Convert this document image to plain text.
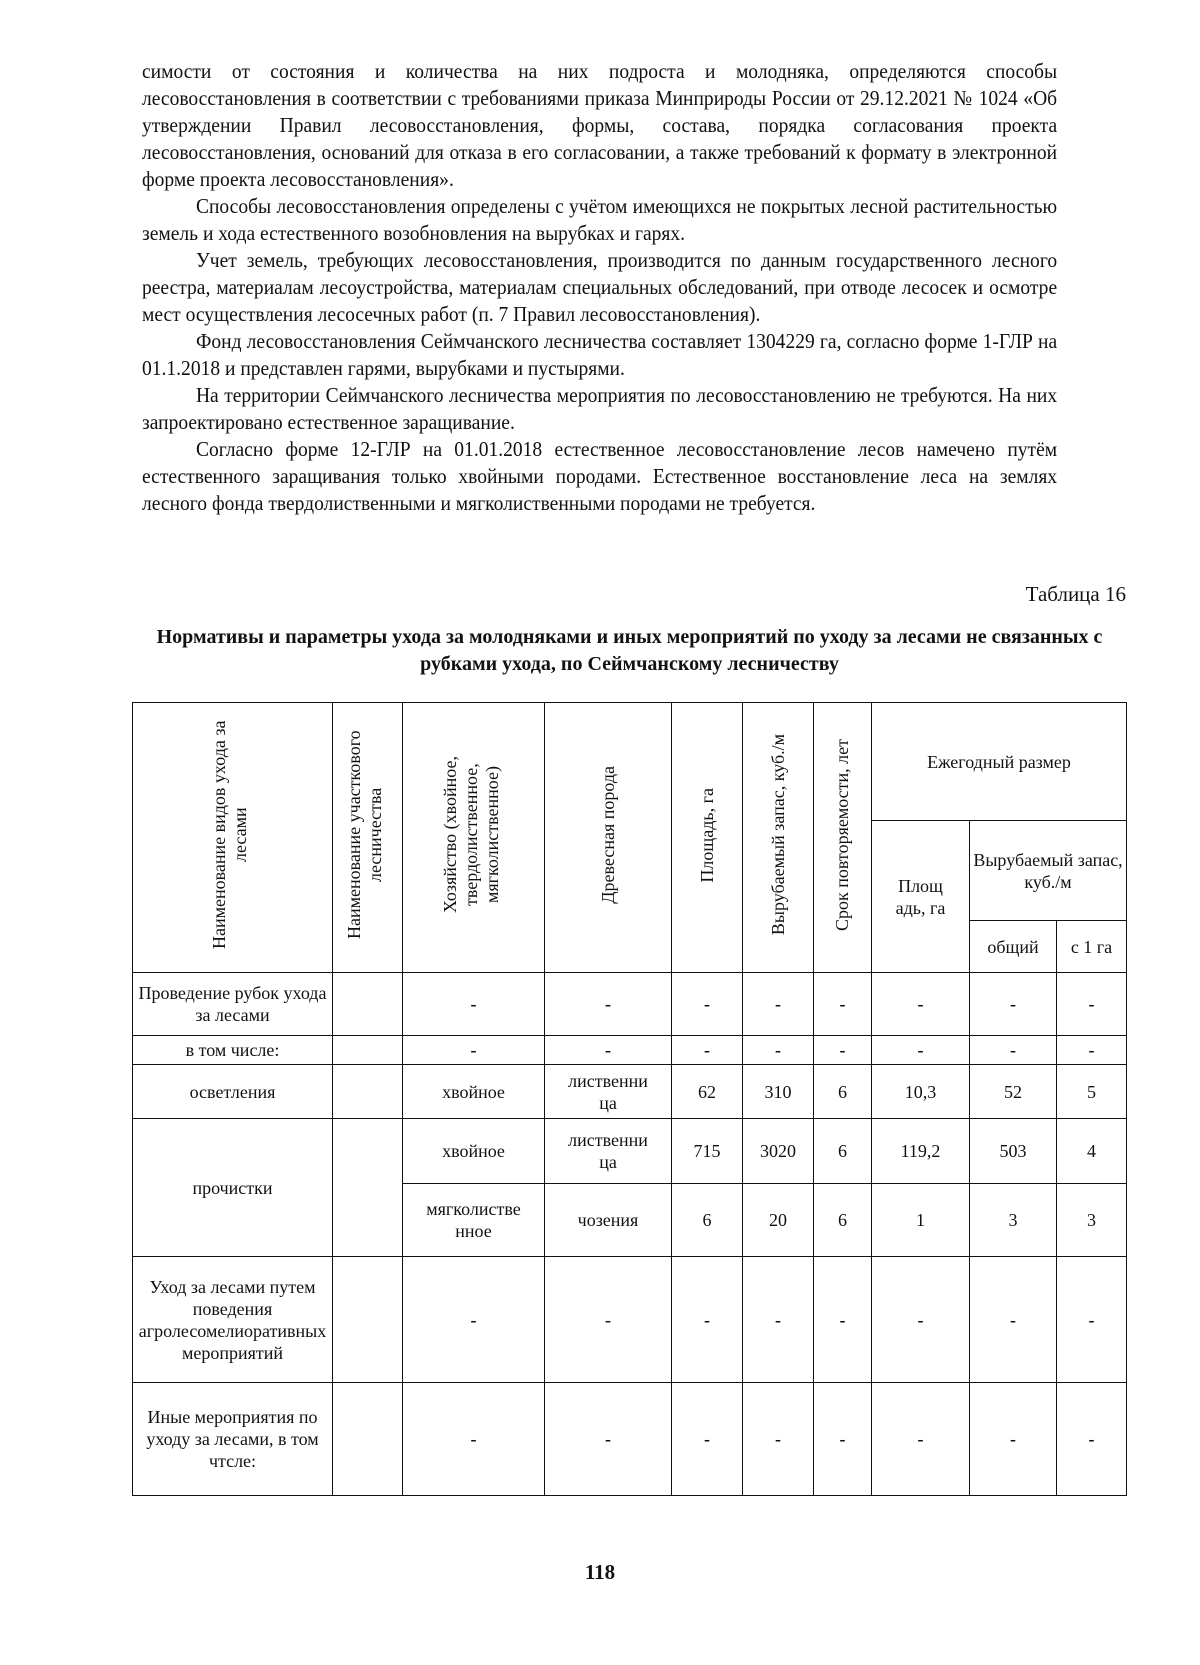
симости от состояния и количества на них подроста и молодняка, определяются способы лесовосстановления в соответствии с требованиями приказа Минприроды России от 29.12.2021 № 1024 «Об утверждении Правил лесовосстановления, формы, состава, порядка согласования проекта лесовосстановления, оснований для отказа в его согласовании, а также требований к формату в электронной форме проекта лесовосстановления».

Способы лесовосстановления определены с учётом имеющихся не покрытых лесной растительностью земель и хода естественного возобновления на вырубках и гарях.

Учет земель, требующих лесовосстановления, производится по данным государственного лесного реестра, материалам лесоустройства, материалам специальных обследований, при отводе лесосек и осмотре мест осуществления лесосечных работ (п. 7 Правил лесовосстановления).

Фонд лесовосстановления Сеймчанского лесничества составляет 1304229 га, согласно форме 1-ГЛР на 01.1.2018 и представлен гарями, вырубками и пустырями.

На территории Сеймчанского лесничества мероприятия по лесовосстановлению не требуются. На них запроектировано естественное заращивание.

Согласно форме 12-ГЛР на 01.01.2018 естественное лесовосстановление лесов намечено путём естественного заращивания только хвойными породами. Естественное восстановление леса на землях лесного фонда твердолиственными и мягколиственными породами не требуется.

Таблица 16
Нормативы и параметры ухода за молодняками и иных мероприятий по уходу за лесами не связанных с рубками ухода, по Сеймчанскому лесничеству
Наименование видов ухода за лесами	Наименование участкового лесничества	Хозяйство (хвойное, твердолиственное, мягколиственное)	Древесная порода	Площадь, га	Вырубаемый запас, куб./м	Срок повторяемости, лет	Ежегодный размер		
							Площадь, га	Вырубаемый запас, куб./м	
								общий	с 1 га
Проведение рубок ухода за лесами		-	-	-	-	-	-	-	-
в том числе:		-	-	-	-	-	-	-	-
осветления		хвойное	лиственница	62	310	6	10,3	52	5
прочистки		хвойное	лиственница	715	3020	6	119,2	503	4
		мягколиственное	чозения	6	20	6	1	3	3
Уход за лесами путем поведения агролесомелиоративных мероприятий		-	-	-	-	-	-	-	-
Иные мероприятия по уходу за лесами, в том чтсле:		-	-	-	-	-	-	-	-
118
